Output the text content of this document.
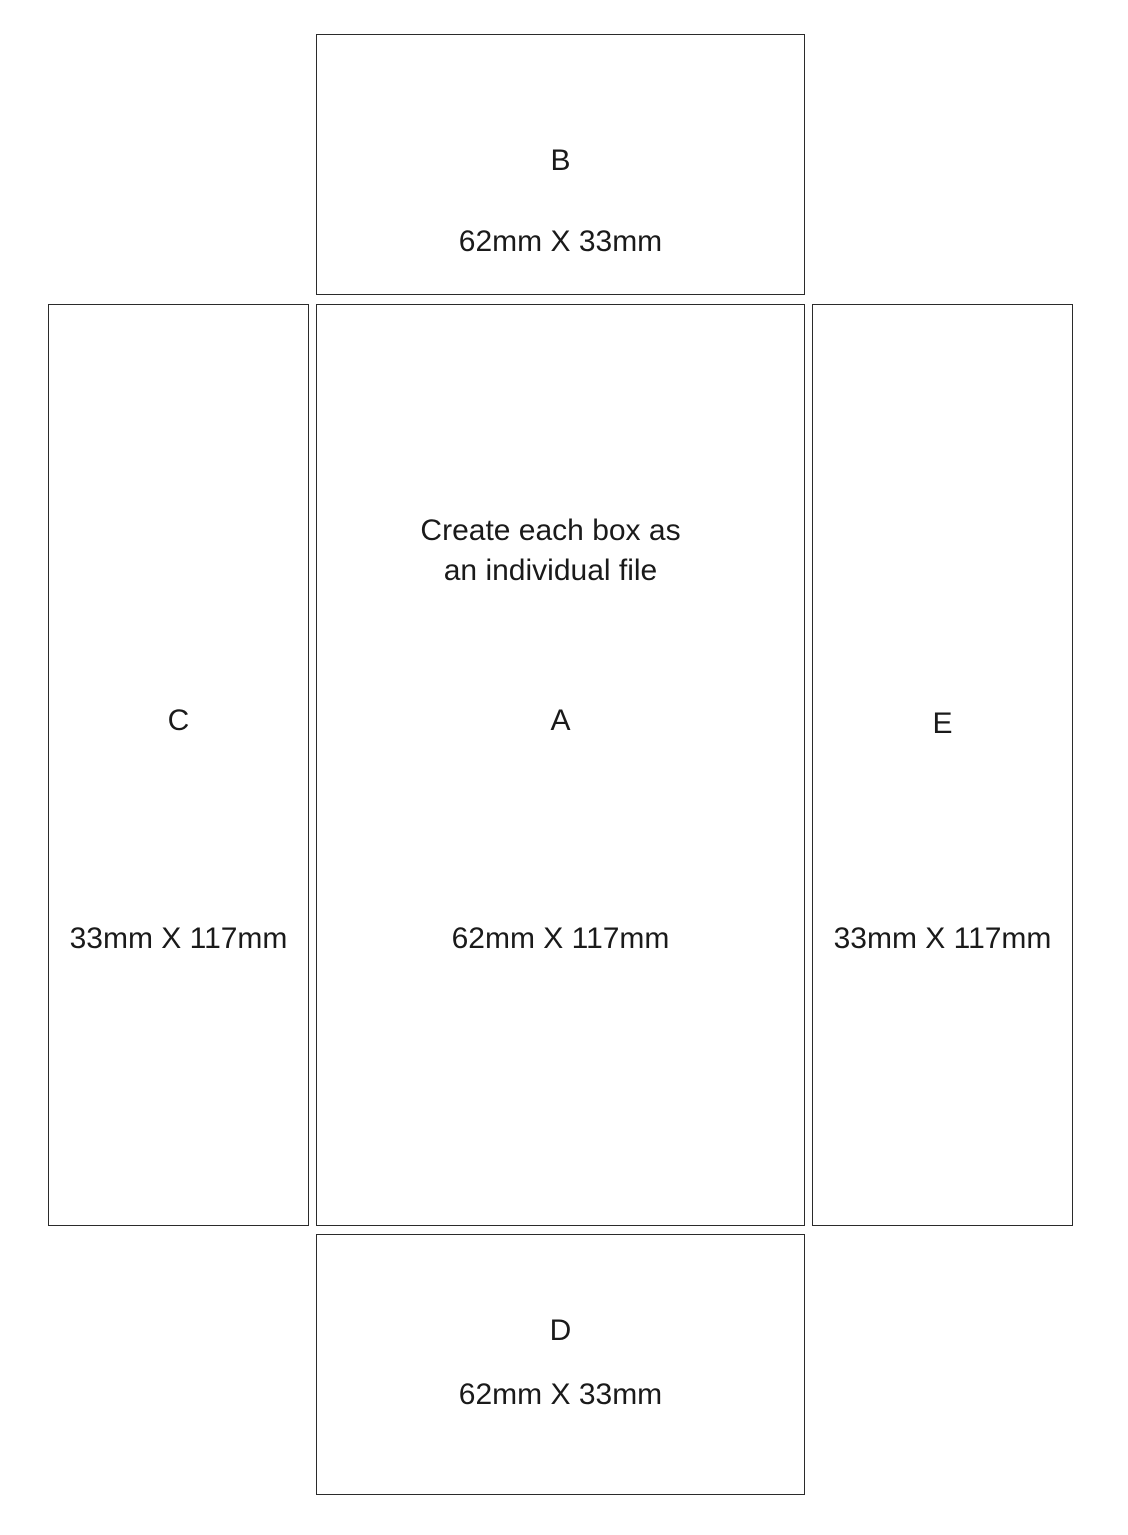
B
62mm X 33mm
C
33mm X 117mm
Create each box as an individual file
A
62mm X 117mm
E
33mm X 117mm
D
62mm X 33mm
